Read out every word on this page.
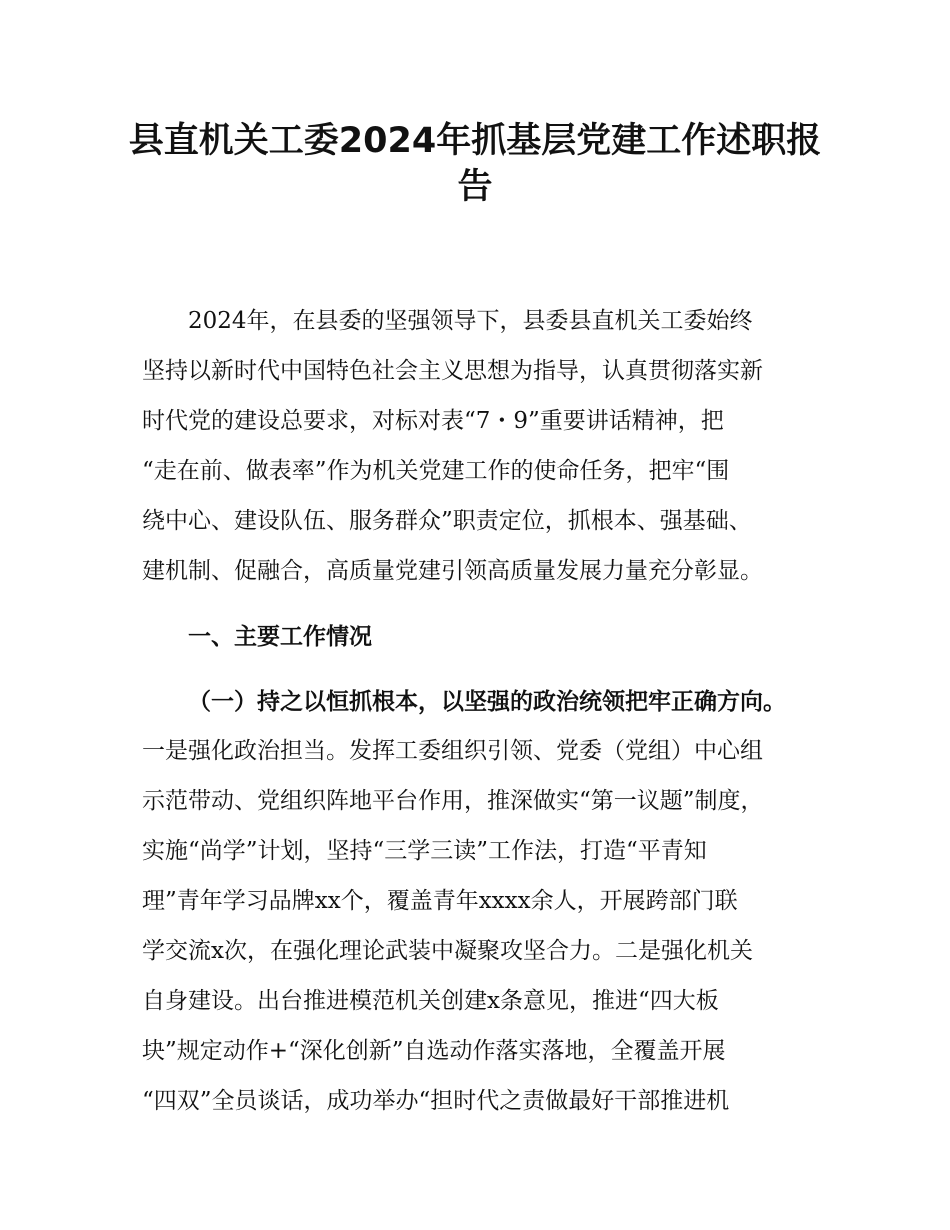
县直机关工委2024年抓基层党建工作述职报
告
2024年，在县委的坚强领导下，县委县直机关工委始终
坚持以新时代中国特色社会主义思想为指导，认真贯彻落实新
时代党的建设总要求，对标对表“7・9”重要讲话精神，把
“走在前、做表率”作为机关党建工作的使命任务，把牢“围
绕中心、建设队伍、服务群众”职责定位，抓根本、强基础、
建机制、促融合，高质量党建引领高质量发展力量充分彰显。
一、主要工作情况
（一）持之以恒抓根本，以坚强的政治统领把牢正确方向。
一是强化政治担当。发挥工委组织引领、党委（党组）中心组
示范带动、党组织阵地平台作用，推深做实“第一议题”制度，
实施“尚学”计划，坚持“三学三读”工作法，打造“平青知
理”青年学习品牌xx个，覆盖青年xxxx余人，开展跨部门联
学交流x次，在强化理论武装中凝聚攻坚合力。二是强化机关
自身建设。出台推进模范机关创建x条意见，推进“四大板
块”规定动作+“深化创新”自选动作落实落地，全覆盖开展
“四双”全员谈话，成功举办“担时代之责做最好干部推进机
